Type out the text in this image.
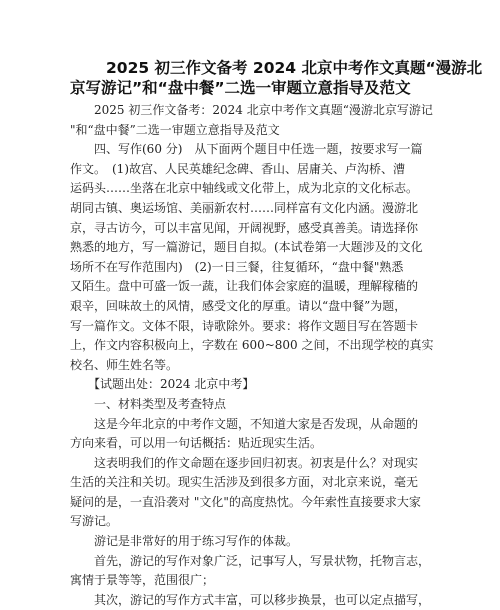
2025 初三作文备考 2024 北京中考作文真题“漫游北
京写游记”和“盘中餐”二选一审题立意指导及范文
　　2025 初三作文备考：2024 北京中考作文真题“漫游北京写游记
"和“盘中餐”二选一审题立意指导及范文
　　四、写作(60 分)　从下面两个题目中任选一题，按要求写一篇
作文。　(1)故宫、人民英雄纪念碑、香山、居庸关、卢沟桥、漕
运码头……坐落在北京中轴线或文化带上，成为北京的文化标志。
胡同古镇、奥运场馆、美丽新农村……同样富有文化内涵。漫游北
京，寻古访今，可以丰富见闻，开阔视野，感受真善美。请选择你
熟悉的地方，写一篇游记，题目自拟。(本试卷第一大题涉及的文化
场所不在写作范围内)　(2)一日三餐，往复循环，“盘中餐"熟悉
又陌生。盘中可盛一饭一蔬，让我们体会家庭的温暖，理解稼穑的
艰辛，回味故土的风情，感受文化的厚重。请以“盘中餐”为题，
写一篇作文。文体不限，诗歌除外。要求：将作文题目写在答题卡
上，作文内容积极向上，字数在 600~800 之间，不出现学校的真实
校名、师生姓名等。
　　【试题出处：2024 北京中考】
　　一、材料类型及考查特点
　　这是今年北京的中考作文题，不知道大家是否发现，从命题的
方向来看，可以用一句话概括：贴近现实生活。
　　这表明我们的作文命题在逐步回归初衷。初衷是什么？对现实
生活的关注和关切。现实生活涉及到很多方面，对北京来说，毫无
疑问的是，一直沿袭对 "文化"的高度热忱。今年索性直接要求大家
写游记。
　　游记是非常好的用于练习写作的体裁。
　　首先，游记的写作对象广泛，记事写人，写景状物，托物言志，
寓情于景等等，范围很广；
　　其次，游记的写作方式丰富，可以移步换景，也可以定点描写，
